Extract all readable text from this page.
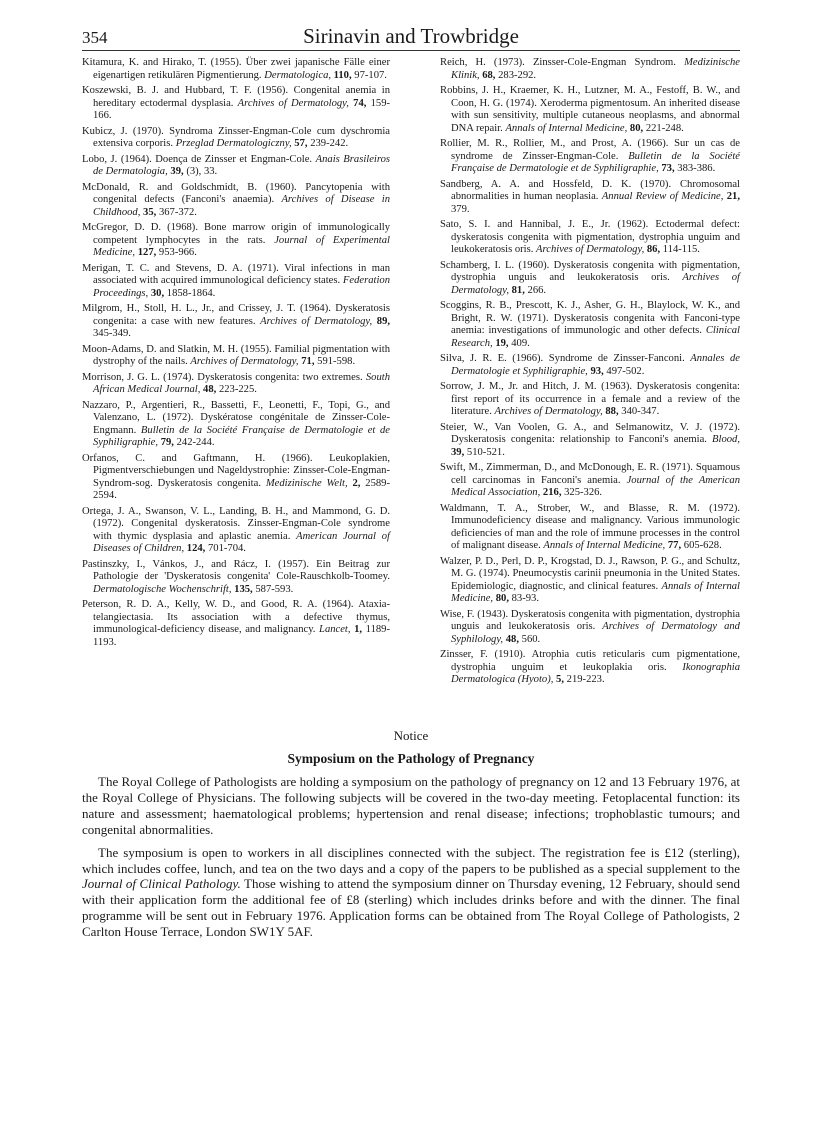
354	Sirinavin and Trowbridge

Kitamura, K. and Hirako, T. (1955). Über zwei japanische Fälle einer eigenartigen retikulären Pigmentierung. Dermatologica, 110, 97-107.

Koszewski, B. J. and Hubbard, T. F. (1956). Congenital anemia in hereditary ectodermal dysplasia. Archives of Dermatology, 74, 159-166.

Kubicz, J. (1970). Syndroma Zinsser-Engman-Cole cum dyschromia extensiva corporis. Przeglad Dermatologiczny, 57, 239-242.

Lobo, J. (1964). Doença de Zinsser et Engman-Cole. Anais Brasileiros de Dermatologia, 39, (3), 33.

McDonald, R. and Goldschmidt, B. (1960). Pancytopenia with congenital defects (Fanconi's anaemia). Archives of Disease in Childhood, 35, 367-372.

McGregor, D. D. (1968). Bone marrow origin of immunologically competent lymphocytes in the rats. Journal of Experimental Medicine, 127, 953-966.

Merigan, T. C. and Stevens, D. A. (1971). Viral infections in man associated with acquired immunological deficiency states. Federation Proceedings, 30, 1858-1864.

Milgrom, H., Stoll, H. L., Jr., and Crissey, J. T. (1964). Dyskeratosis congenita: a case with new features. Archives of Dermatology, 89, 345-349.

Moon-Adams, D. and Slatkin, M. H. (1955). Familial pigmentation with dystrophy of the nails. Archives of Dermatology, 71, 591-598.

Morrison, J. G. L. (1974). Dyskeratosis congenita: two extremes. South African Medical Journal, 48, 223-225.

Nazzaro, P., Argentieri, R., Bassetti, F., Leonetti, F., Topi, G., and Valenzano, L. (1972). Dyskératose congénitale de Zinsser-Cole-Engmann. Bulletin de la Société Française de Dermatologie et de Syphiligraphie, 79, 242-244.

Orfanos, C. and Gaftmann, H. (1966). Leukoplakien, Pigmentverschiebungen und Nageldystrophie: Zinsser-Cole-Engman-Syndrom-sog. Dyskeratosis congenita. Medizinische Welt, 2, 2589-2594.

Ortega, J. A., Swanson, V. L., Landing, B. H., and Mammond, G. D. (1972). Congenital dyskeratosis. Zinsser-Engman-Cole syndrome with thymic dysplasia and aplastic anemia. American Journal of Diseases of Children, 124, 701-704.

Pastinszky, I., Vánkos, J., and Rácz, I. (1957). Ein Beitrag zur Pathologie der 'Dyskeratosis congenita' Cole-Rauschkolb-Toomey. Dermatologische Wochenschrift, 135, 587-593.

Peterson, R. D. A., Kelly, W. D., and Good, R. A. (1964). Ataxia-telangiectasia. Its association with a defective thymus, immunological-deficiency disease, and malignancy. Lancet, 1, 1189-1193.

Reich, H. (1973). Zinsser-Cole-Engman Syndrom. Medizinische Klinik, 68, 283-292.

Robbins, J. H., Kraemer, K. H., Lutzner, M. A., Festoff, B. W., and Coon, H. G. (1974). Xeroderma pigmentosum. An inherited disease with sun sensitivity, multiple cutaneous neoplasms, and abnormal DNA repair. Annals of Internal Medicine, 80, 221-248.

Rollier, M. R., Rollier, M., and Prost, A. (1966). Sur un cas de syndrome de Zinsser-Engman-Cole. Bulletin de la Société Française de Dermatologie et de Syphiligraphie, 73, 383-386.

Sandberg, A. A. and Hossfeld, D. K. (1970). Chromosomal abnormalities in human neoplasia. Annual Review of Medicine, 21, 379.

Sato, S. I. and Hannibal, J. E., Jr. (1962). Ectodermal defect: dyskeratosis congenita with pigmentation, dystrophia unguim and leukokeratosis oris. Archives of Dermatology, 86, 114-115.

Schamberg, I. L. (1960). Dyskeratosis congenita with pigmentation, dystrophia unguis and leukokeratosis oris. Archives of Dermatology, 81, 266.

Scoggins, R. B., Prescott, K. J., Asher, G. H., Blaylock, W. K., and Bright, R. W. (1971). Dyskeratosis congenita with Fanconi-type anemia: investigations of immunologic and other defects. Clinical Research, 19, 409.

Silva, J. R. E. (1966). Syndrome de Zinsser-Fanconi. Annales de Dermatologie et Syphiligraphie, 93, 497-502.

Sorrow, J. M., Jr. and Hitch, J. M. (1963). Dyskeratosis congenita: first report of its occurrence in a female and a review of the literature. Archives of Dermatology, 88, 340-347.

Steier, W., Van Voolen, G. A., and Selmanowitz, V. J. (1972). Dyskeratosis congenita: relationship to Fanconi's anemia. Blood, 39, 510-521.

Swift, M., Zimmerman, D., and McDonough, E. R. (1971). Squamous cell carcinomas in Fanconi's anemia. Journal of the American Medical Association, 216, 325-326.

Waldmann, T. A., Strober, W., and Blasse, R. M. (1972). Immunodeficiency disease and malignancy. Various immunologic deficiencies of man and the role of immune processes in the control of malignant disease. Annals of Internal Medicine, 77, 605-628.

Walzer, P. D., Perl, D. P., Krogstad, D. J., Rawson, P. G., and Schultz, M. G. (1974). Pneumocystis carinii pneumonia in the United States. Epidemiologic, diagnostic, and clinical features. Annals of Internal Medicine, 80, 83-93.

Wise, F. (1943). Dyskeratosis congenita with pigmentation, dystrophia unguis and leukokeratosis oris. Archives of Dermatology and Syphilology, 48, 560.

Zinsser, F. (1910). Atrophia cutis reticularis cum pigmentatione, dystrophia unguim et leukoplakia oris. Ikonographia Dermatologica (Hyoto), 5, 219-223.

Notice

Symposium on the Pathology of Pregnancy

The Royal College of Pathologists are holding a symposium on the pathology of pregnancy on 12 and 13 February 1976, at the Royal College of Physicians. The following subjects will be covered in the two-day meeting. Fetoplacental function: its nature and assessment; haematological problems; hypertension and renal disease; infections; trophoblastic tumours; and congenital abnormalities.

The symposium is open to workers in all disciplines connected with the subject. The registration fee is £12 (sterling), which includes coffee, lunch, and tea on the two days and a copy of the papers to be published as a special supplement to the Journal of Clinical Pathology. Those wishing to attend the symposium dinner on Thursday evening, 12 February, should send with their application form the additional fee of £8 (sterling) which includes drinks before and with the dinner. The final programme will be sent out in February 1976. Application forms can be obtained from The Royal College of Pathologists, 2 Carlton House Terrace, London SW1Y 5AF.
